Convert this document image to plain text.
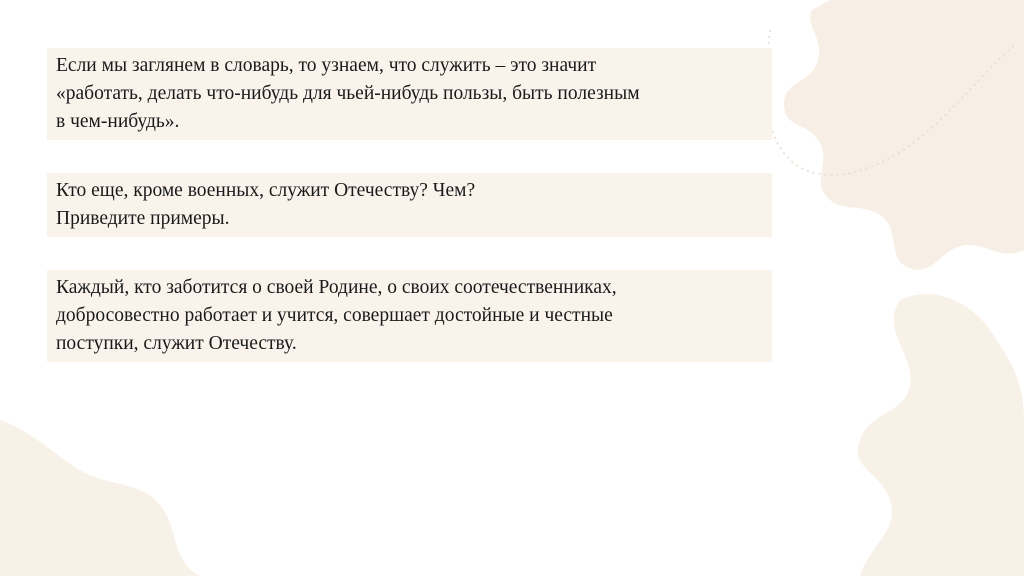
Если мы заглянем в словарь, то узнаем, что служить – это значит
«работать, делать что-нибудь для чьей-нибудь пользы, быть полезным
в чем-нибудь».

Кто еще, кроме военных, служит Отечеству? Чем?
Приведите примеры.

Каждый, кто заботится о своей Родине, о своих соотечественниках,
добросовестно работает и учится, совершает достойные и честные
поступки, служит Отечеству.
